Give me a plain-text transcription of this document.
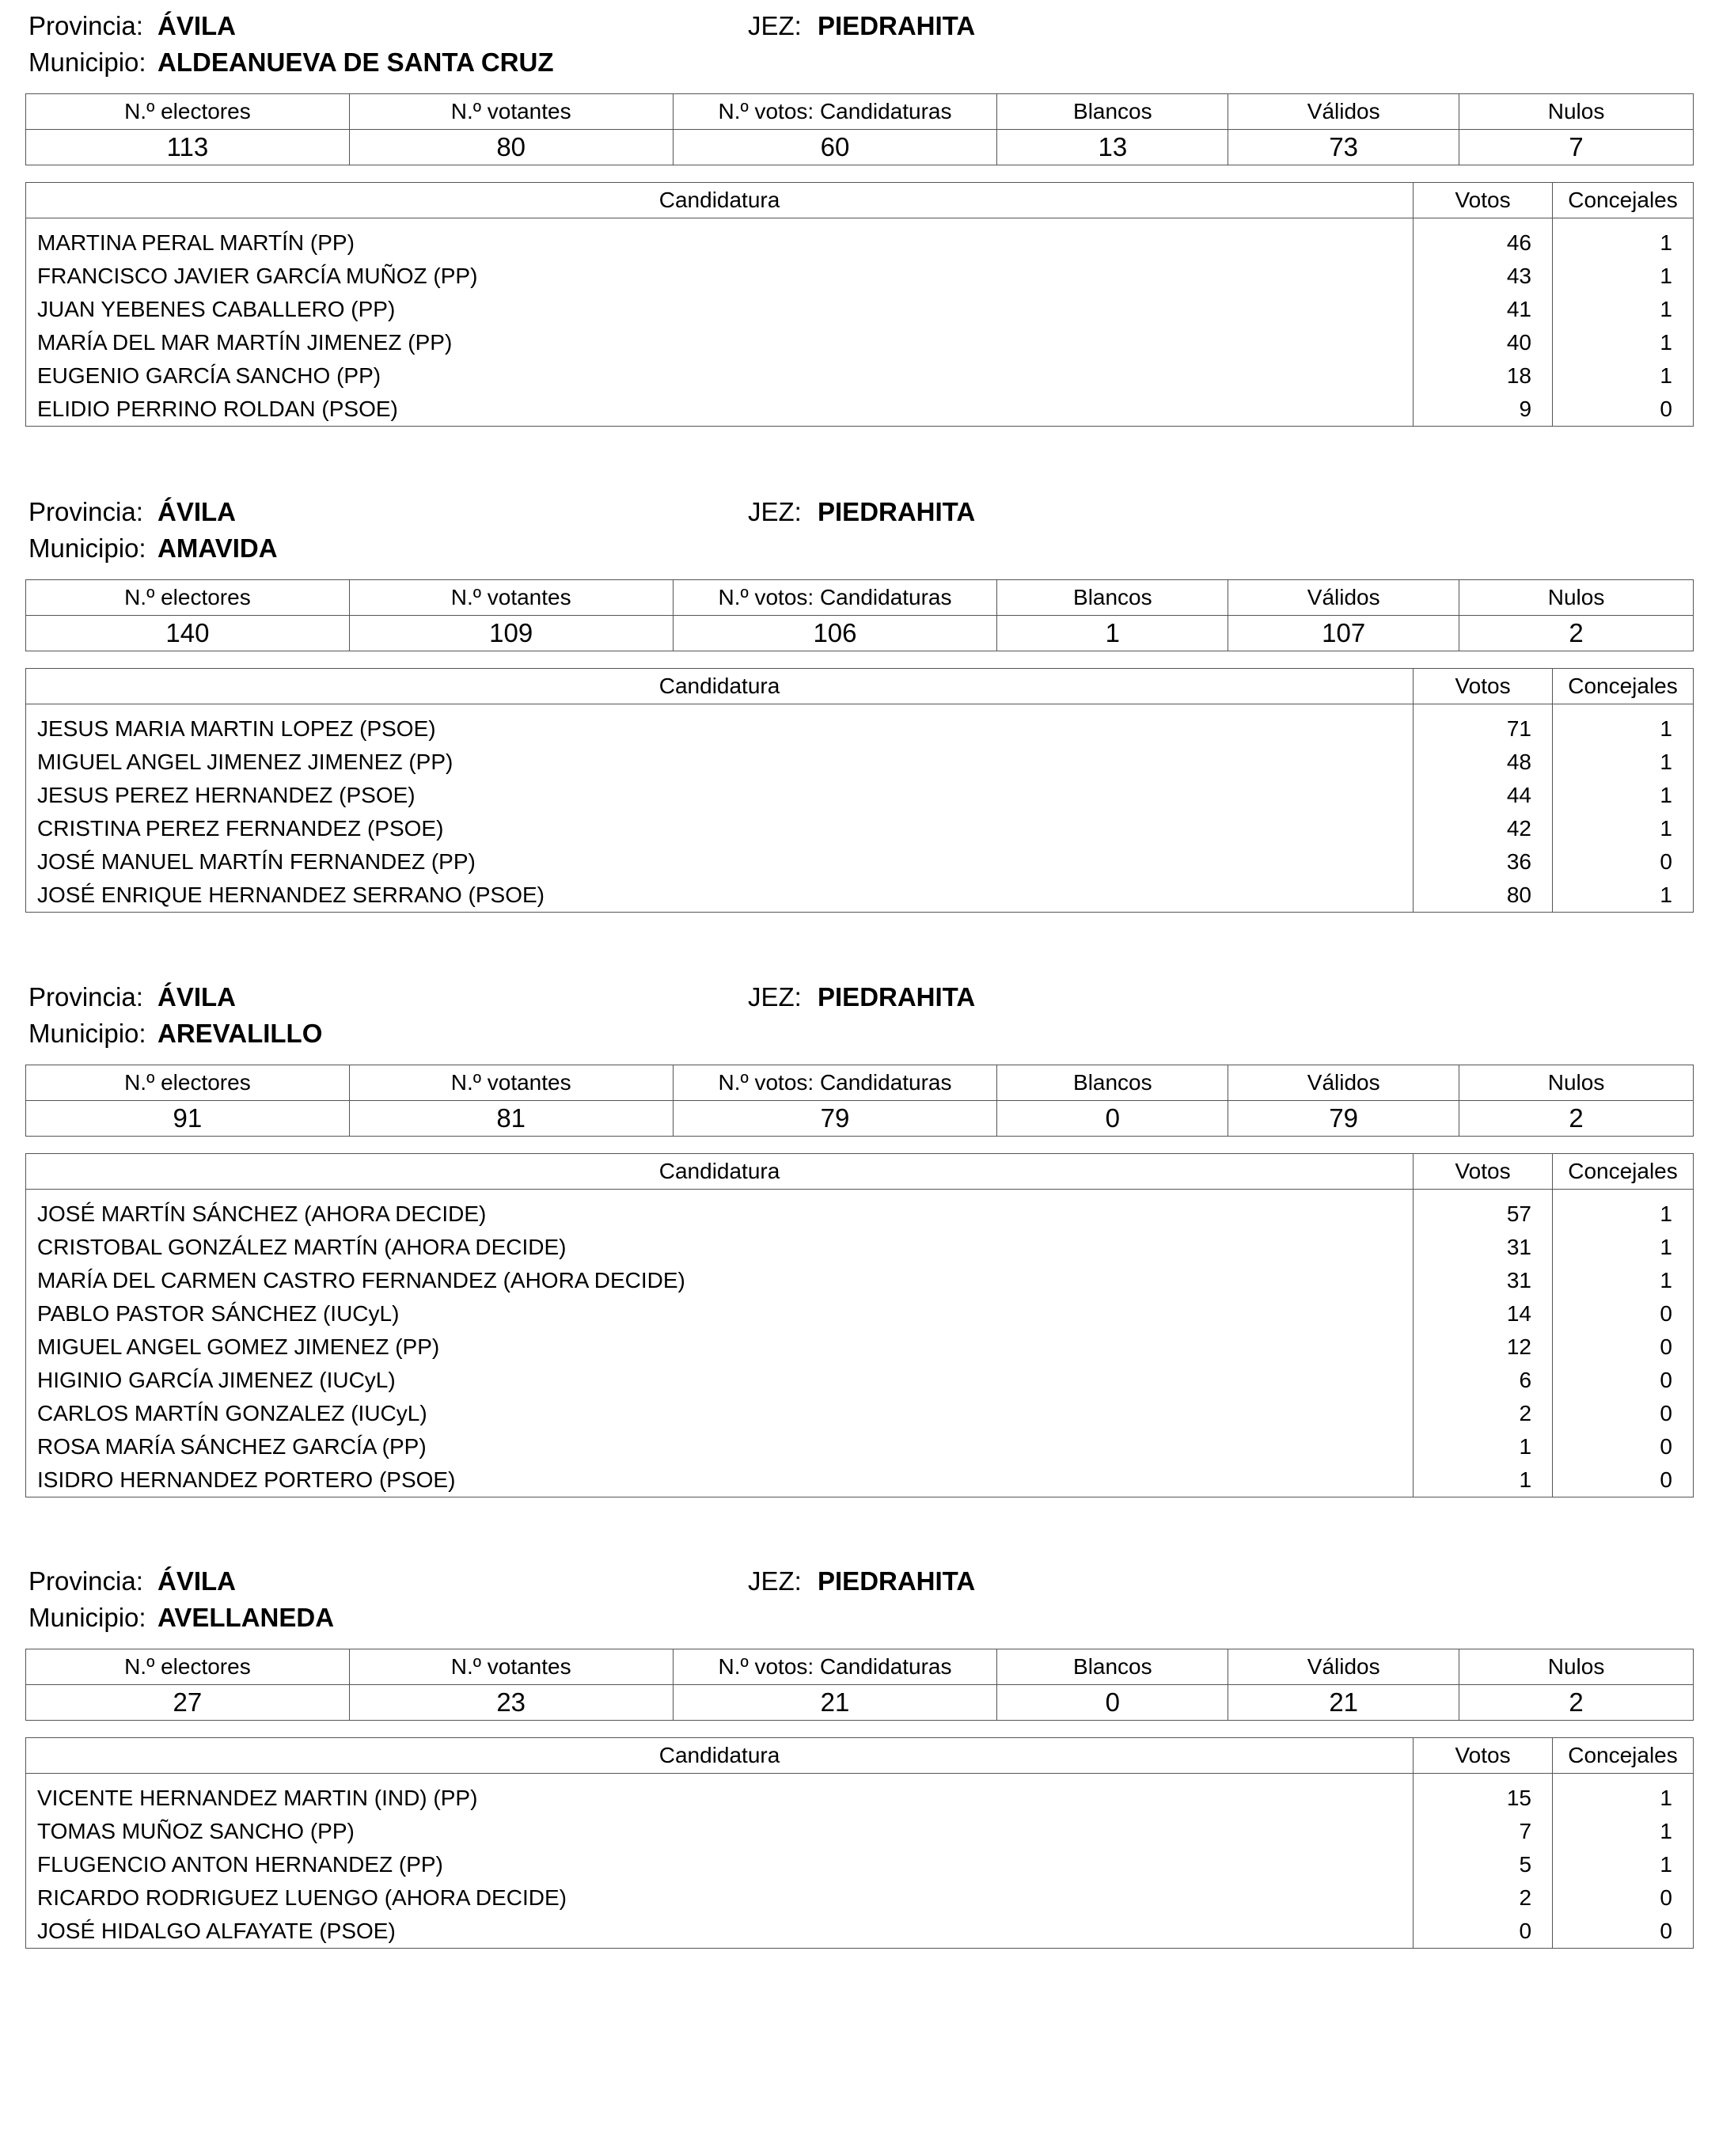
Provincia: ÁVILA	JEZ: PIEDRAHITA
Municipio: ALDEANUEVA DE SANTA CRUZ
N.º electores	N.º votantes	N.º votos: Candidaturas	Blancos	Válidos	Nulos
113	80	60	13	73	7
Candidatura	Votos	Concejales
MARTINA PERAL MARTÍN (PP)	46	1
FRANCISCO JAVIER GARCÍA MUÑOZ (PP)	43	1
JUAN YEBENES CABALLERO (PP)	41	1
MARÍA DEL MAR MARTÍN JIMENEZ (PP)	40	1
EUGENIO GARCÍA SANCHO (PP)	18	1
ELIDIO PERRINO ROLDAN (PSOE)	9	0
Provincia: ÁVILA	JEZ: PIEDRAHITA
Municipio: AMAVIDA
N.º electores	N.º votantes	N.º votos: Candidaturas	Blancos	Válidos	Nulos
140	109	106	1	107	2
Candidatura	Votos	Concejales
JESUS MARIA MARTIN LOPEZ (PSOE)	71	1
MIGUEL ANGEL JIMENEZ JIMENEZ (PP)	48	1
JESUS PEREZ HERNANDEZ (PSOE)	44	1
CRISTINA PEREZ FERNANDEZ (PSOE)	42	1
JOSÉ MANUEL MARTÍN FERNANDEZ (PP)	36	0
JOSÉ ENRIQUE HERNANDEZ SERRANO (PSOE)	80	1
Provincia: ÁVILA	JEZ: PIEDRAHITA
Municipio: AREVALILLO
N.º electores	N.º votantes	N.º votos: Candidaturas	Blancos	Válidos	Nulos
91	81	79	0	79	2
Candidatura	Votos	Concejales
JOSÉ MARTÍN SÁNCHEZ (AHORA DECIDE)	57	1
CRISTOBAL GONZÁLEZ MARTÍN (AHORA DECIDE)	31	1
MARÍA DEL CARMEN CASTRO FERNANDEZ (AHORA DECIDE)	31	1
PABLO PASTOR SÁNCHEZ (IUCyL)	14	0
MIGUEL ANGEL GOMEZ JIMENEZ (PP)	12	0
HIGINIO GARCÍA JIMENEZ (IUCyL)	6	0
CARLOS MARTÍN GONZALEZ (IUCyL)	2	0
ROSA MARÍA SÁNCHEZ GARCÍA (PP)	1	0
ISIDRO HERNANDEZ PORTERO (PSOE)	1	0
Provincia: ÁVILA	JEZ: PIEDRAHITA
Municipio: AVELLANEDA
N.º electores	N.º votantes	N.º votos: Candidaturas	Blancos	Válidos	Nulos
27	23	21	0	21	2
Candidatura	Votos	Concejales
VICENTE HERNANDEZ MARTIN (IND) (PP)	15	1
TOMAS MUÑOZ SANCHO (PP)	7	1
FLUGENCIO ANTON HERNANDEZ (PP)	5	1
RICARDO RODRIGUEZ LUENGO (AHORA DECIDE)	2	0
JOSÉ HIDALGO ALFAYATE (PSOE)	0	0
